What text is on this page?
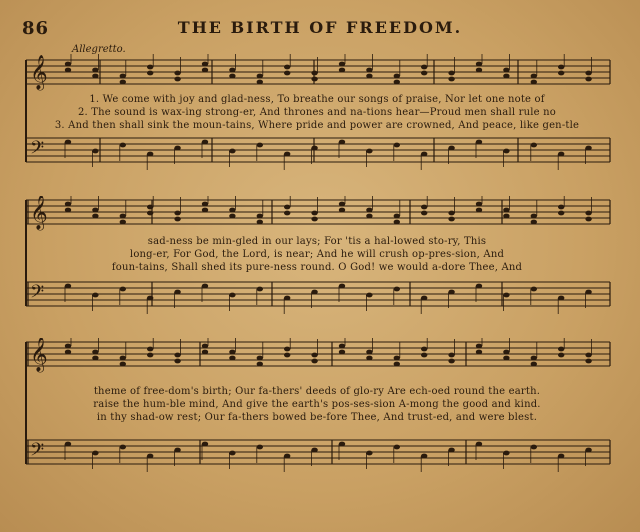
86	THE BIRTH OF FREEDOM.
Allegretto.
𝄞
𝄢
1. We come with joy and glad-ness, To breathe our songs of praise, Nor let one note of
2. The sound is wax-ing strong-er, And thrones and na-tions hear—Proud men shall rule no
3. And then shall sink the moun-tains, Where pride and power are crowned, And peace, like gen-tle
𝄞
𝄢
sad-ness be min-gled in our lays; For 'tis a hal-lowed sto-ry, This
long-er, For God, the Lord, is near; And he will crush op-pres-sion, And
foun-tains, Shall shed its pure-ness round. O God! we would a-dore Thee, And
𝄞
𝄢
theme of free-dom's birth; Our fa-thers' deeds of glo-ry Are ech-oed round the earth.
raise the hum-ble mind, And give the earth's pos-ses-sion A-mong the good and kind.
in thy shad-ow rest; Our fa-thers bowed be-fore Thee, And trust-ed, and were blest.
